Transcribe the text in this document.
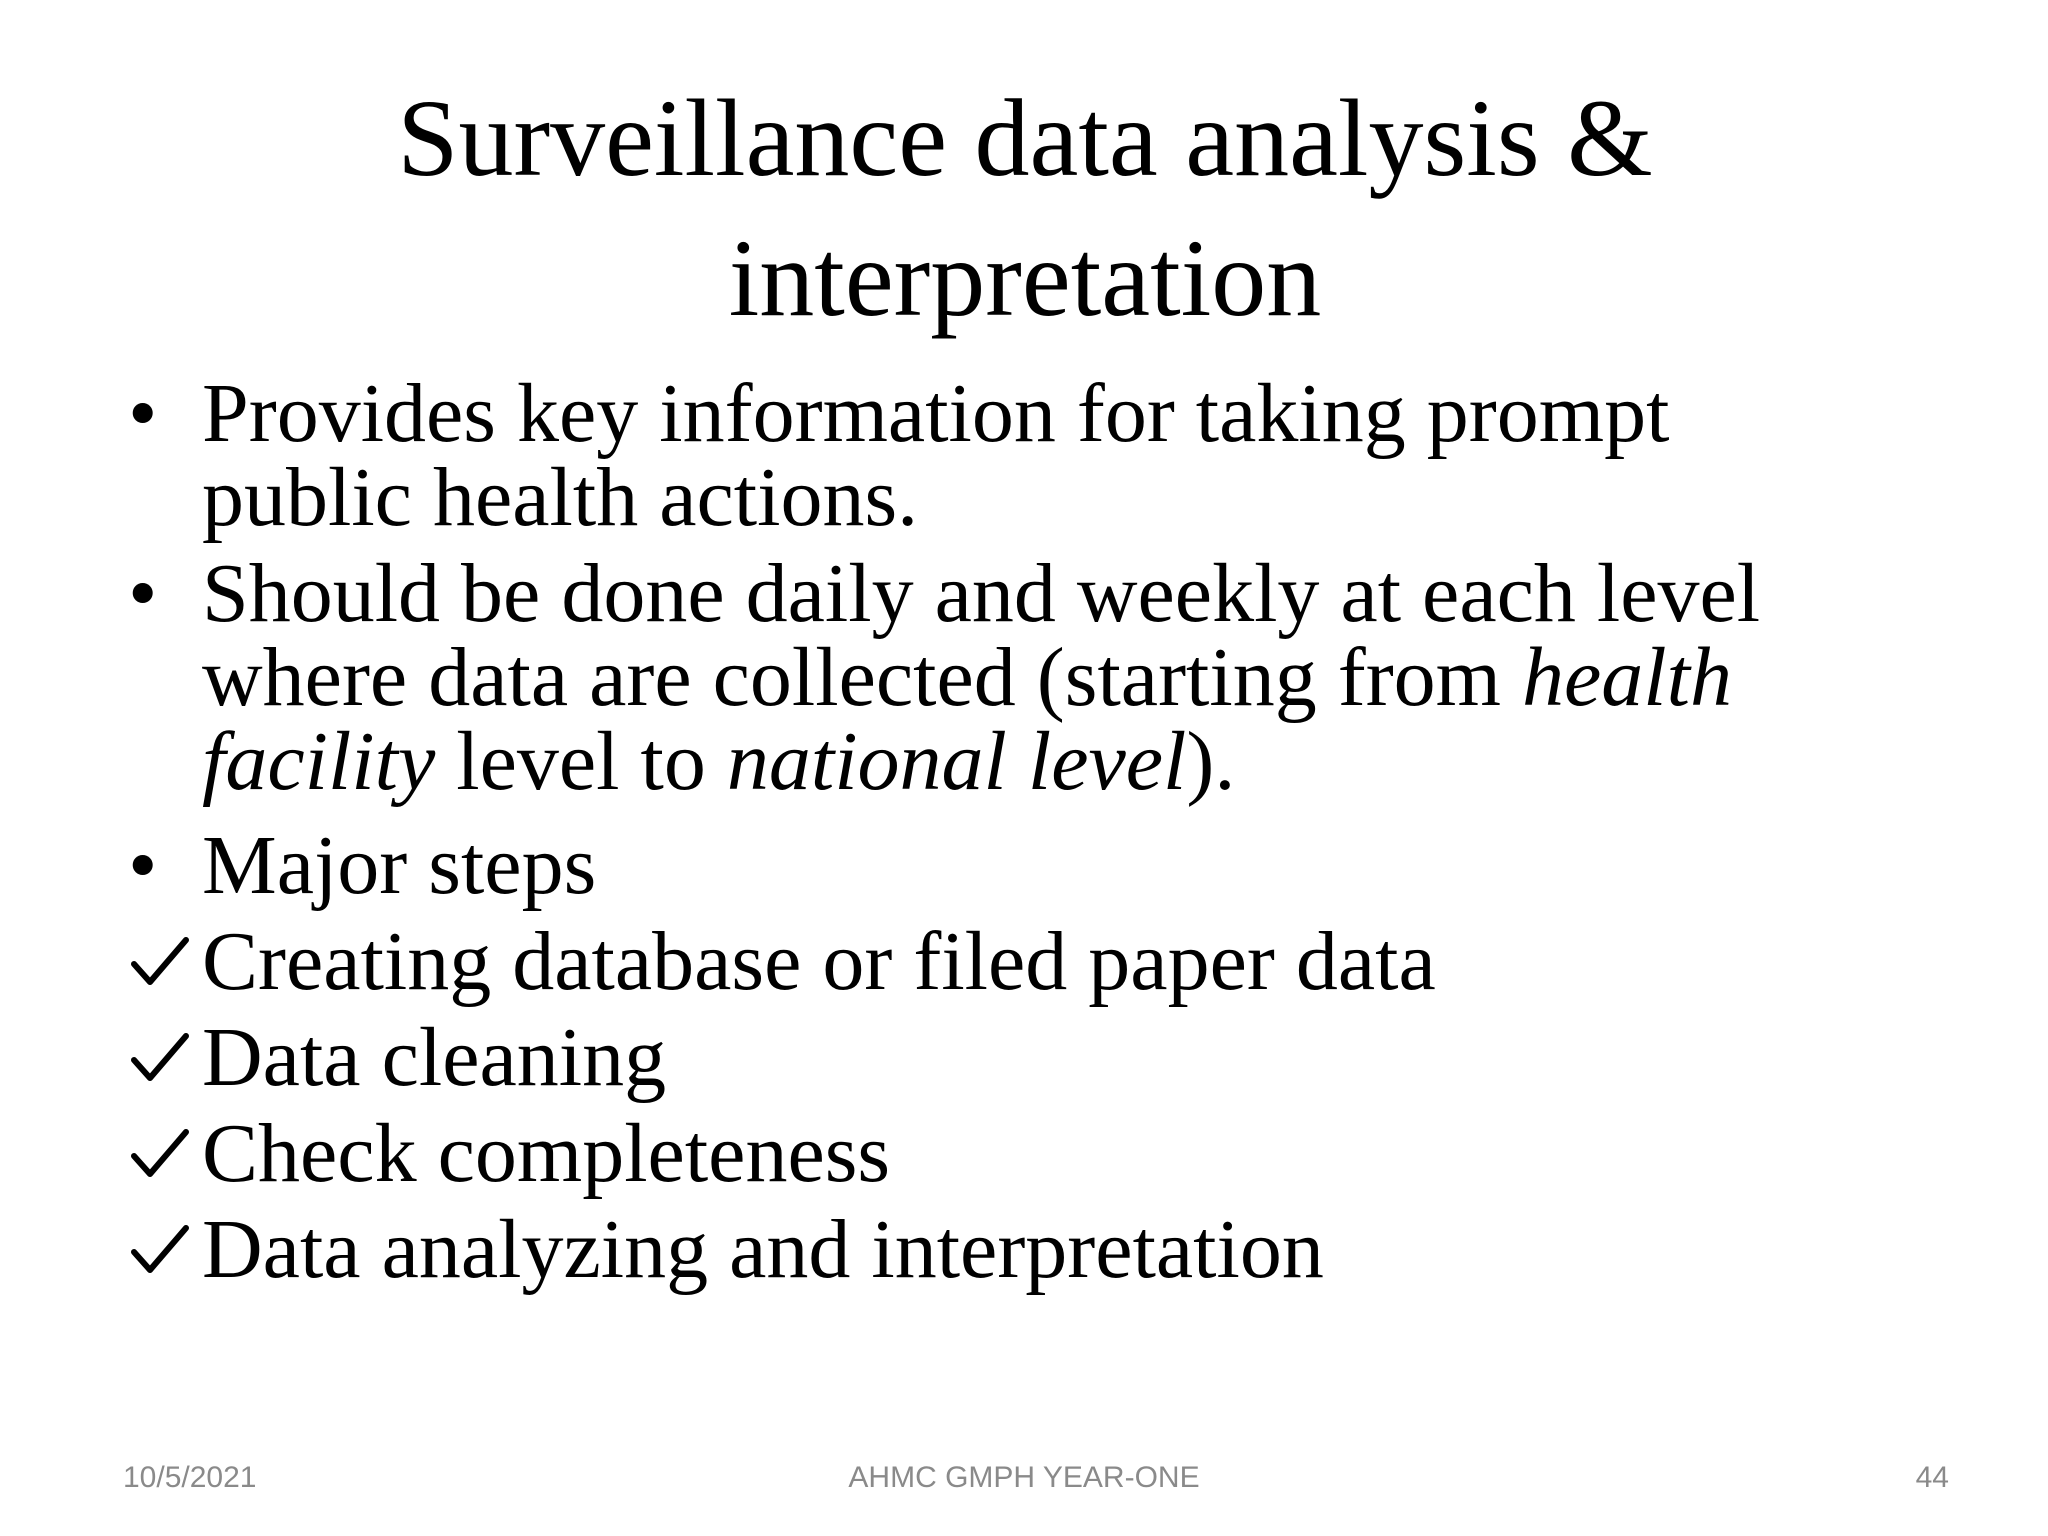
Surveillance data analysis &
interpretation
• Provides key information for taking prompt
public health actions.
• Should be done daily and weekly at each level
where data are collected (starting from health
facility level to national level).
• Major steps
Creating database or filed paper data
Data cleaning
Check completeness
Data analyzing and interpretation
10/5/2021	AHMC GMPH YEAR-ONE	44
